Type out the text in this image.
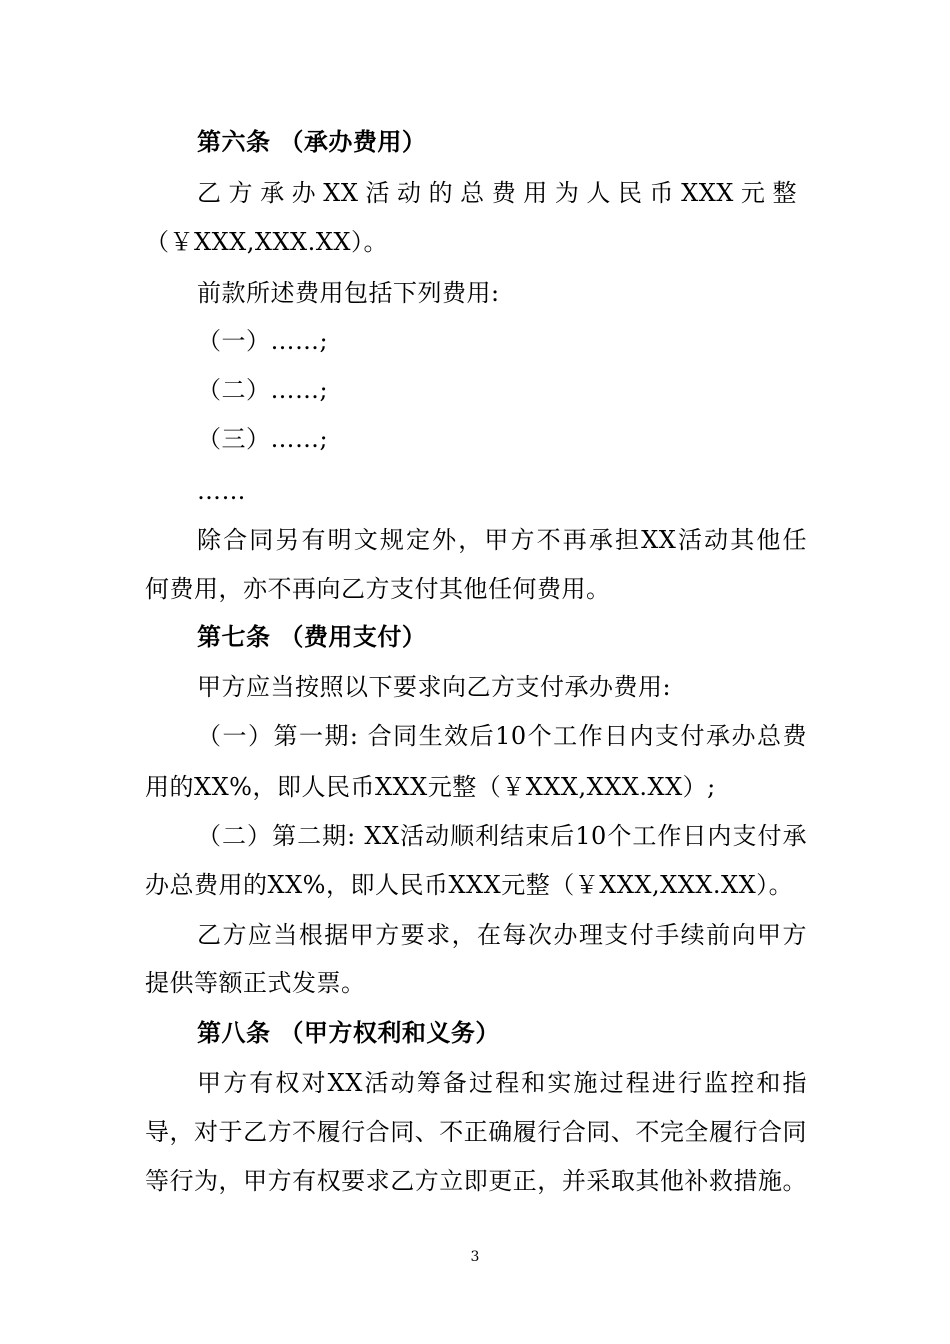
第六条 （承办费用）
乙方承办XX活动的总费用为人民币XXX元整
（￥XXX,XXX.XX）。
前款所述费用包括下列费用:
（一）……;
（二）……;
（三）……;
……
除合同另有明文规定外，甲方不再承担XX活动其他任
何费用，亦不再向乙方支付其他任何费用。
第七条 （费用支付）
甲方应当按照以下要求向乙方支付承办费用:
（一）第一期: 合同生效后10个工作日内支付承办总费
用的XX%，即人民币XXX元整（￥XXX,XXX.XX）;
（二）第二期: XX活动顺利结束后10个工作日内支付承
办总费用的XX%，即人民币XXX元整（￥XXX,XXX.XX）。
乙方应当根据甲方要求，在每次办理支付手续前向甲方
提供等额正式发票。
第八条 （甲方权利和义务）
甲方有权对XX活动筹备过程和实施过程进行监控和指
导，对于乙方不履行合同、不正确履行合同、不完全履行合同
等行为，甲方有权要求乙方立即更正，并采取其他补救措施。
3
